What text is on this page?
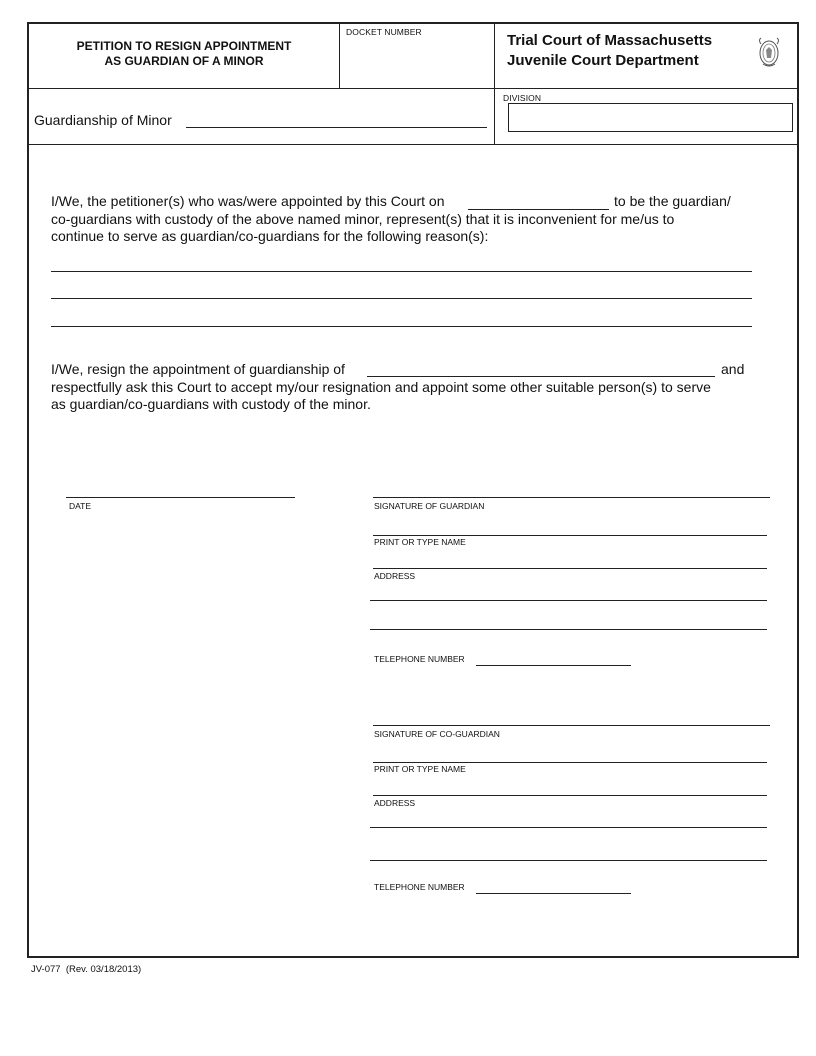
PETITION TO RESIGN APPOINTMENT
AS GUARDIAN OF A MINOR
DOCKET NUMBER	Trial Court of Massachusetts
Juvenile Court Department
Guardianship of Minor
DIVISION
I/We, the petitioner(s) who was/were appointed by this Court on
co-guardians with custody of the above named minor, represent(s) that it is inconvenient for me/us to
continue to serve as guardian/co-guardians for the following reason(s):
to be the guardian/
I/We, resign the appointment of guardianship of	and
respectfully ask this Court to accept my/our resignation and appoint some other suitable person(s) to serve
as guardian/co-guardians with custody of the minor.
DATE	SIGNATURE OF GUARDIAN
PRINT OR TYPE NAME
ADDRESS
TELEPHONE NUMBER
SIGNATURE OF CO-GUARDIAN
PRINT OR TYPE NAME
ADDRESS
TELEPHONE NUMBER
JV-077  (Rev. 03/18/2013)
